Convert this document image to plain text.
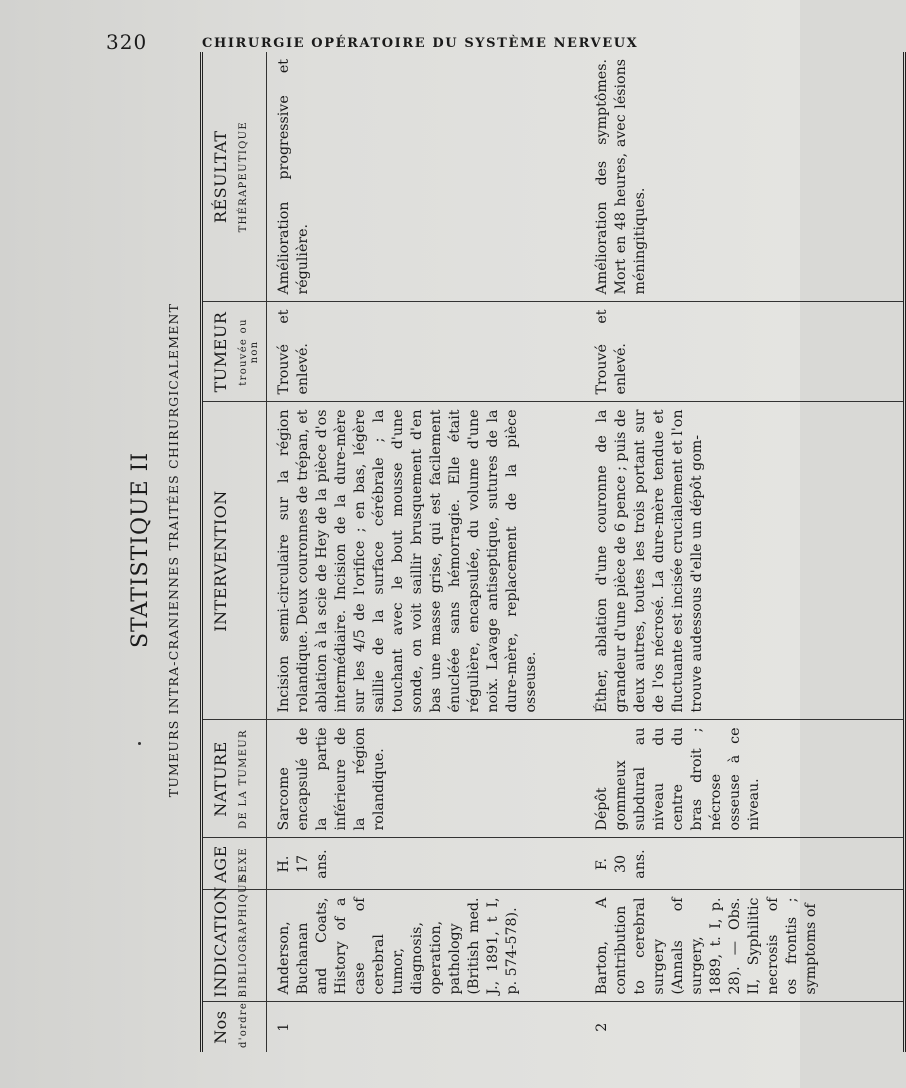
320	CHIRURGIE OPÉRATOIRE DU SYSTÈME NERVEUX
STATISTIQUE II TUMEURS INTRA-CRANIENNES TRAITÉES CHIRURGICALEMENT
Nos d'ordre	INDICATION BIBLIOGRAPHIQUE	AGE SEXE	NATURE DE LA TUMEUR	INTERVENTION	TUMEUR trouvée ou non	RÉSULTAT THÉRAPEUTIQUE

1	Anderson, Buchanan and Coats, History of a case of cerebral tumor, diagnosis, operation, pathology (British med. J., 1891, t I, p. 574-578).	H. 17 ans.	Sarcome encapsulé de la partie inférieure de la région rolandique.	Incision semi-circulaire sur la région rolandique. Deux couronnes de trépan, et ablation à la scie de Hey de la pièce d'os intermédiaire. Incision de la dure-mère sur les 4/5 de l'orifice ; en bas, légère saillie de la surface cérébrale ; la touchant avec le bout mousse d'une sonde, on voit saillir brusquement d'en bas une masse grise, qui est facilement énucléée sans hémorragie. Elle était régulière, encapsulée, du volume d'une noix. Lavage antiseptique, sutures de la dure-mère, replacement de la pièce osseuse.	Trouvé et enlevé.	Amélioration progressive et régulière.
2	Barton, A contribution to cerebral surgery (Annals of surgery, 1889, t. I, p. 28). — Obs. II, Syphilitic necrosis of os frontis ; symptoms of	F. 30 ans.	Dépôt gommeux subdural au niveau du centre du bras droit ; nécrose osseuse à ce niveau.	Éther, ablation d'une couronne de la grandeur d'une pièce de 6 pence ; puis de deux autres, toutes les trois portant sur de l'os nécrosé. La dure-mère tendue et fluctuante est incisée crucialement et l'on trouve audessous d'elle un dépôt gom-	Trouvé et enlevé.	Amélioration des symptômes. Mort en 48 heures, avec lésions méningitiques.
